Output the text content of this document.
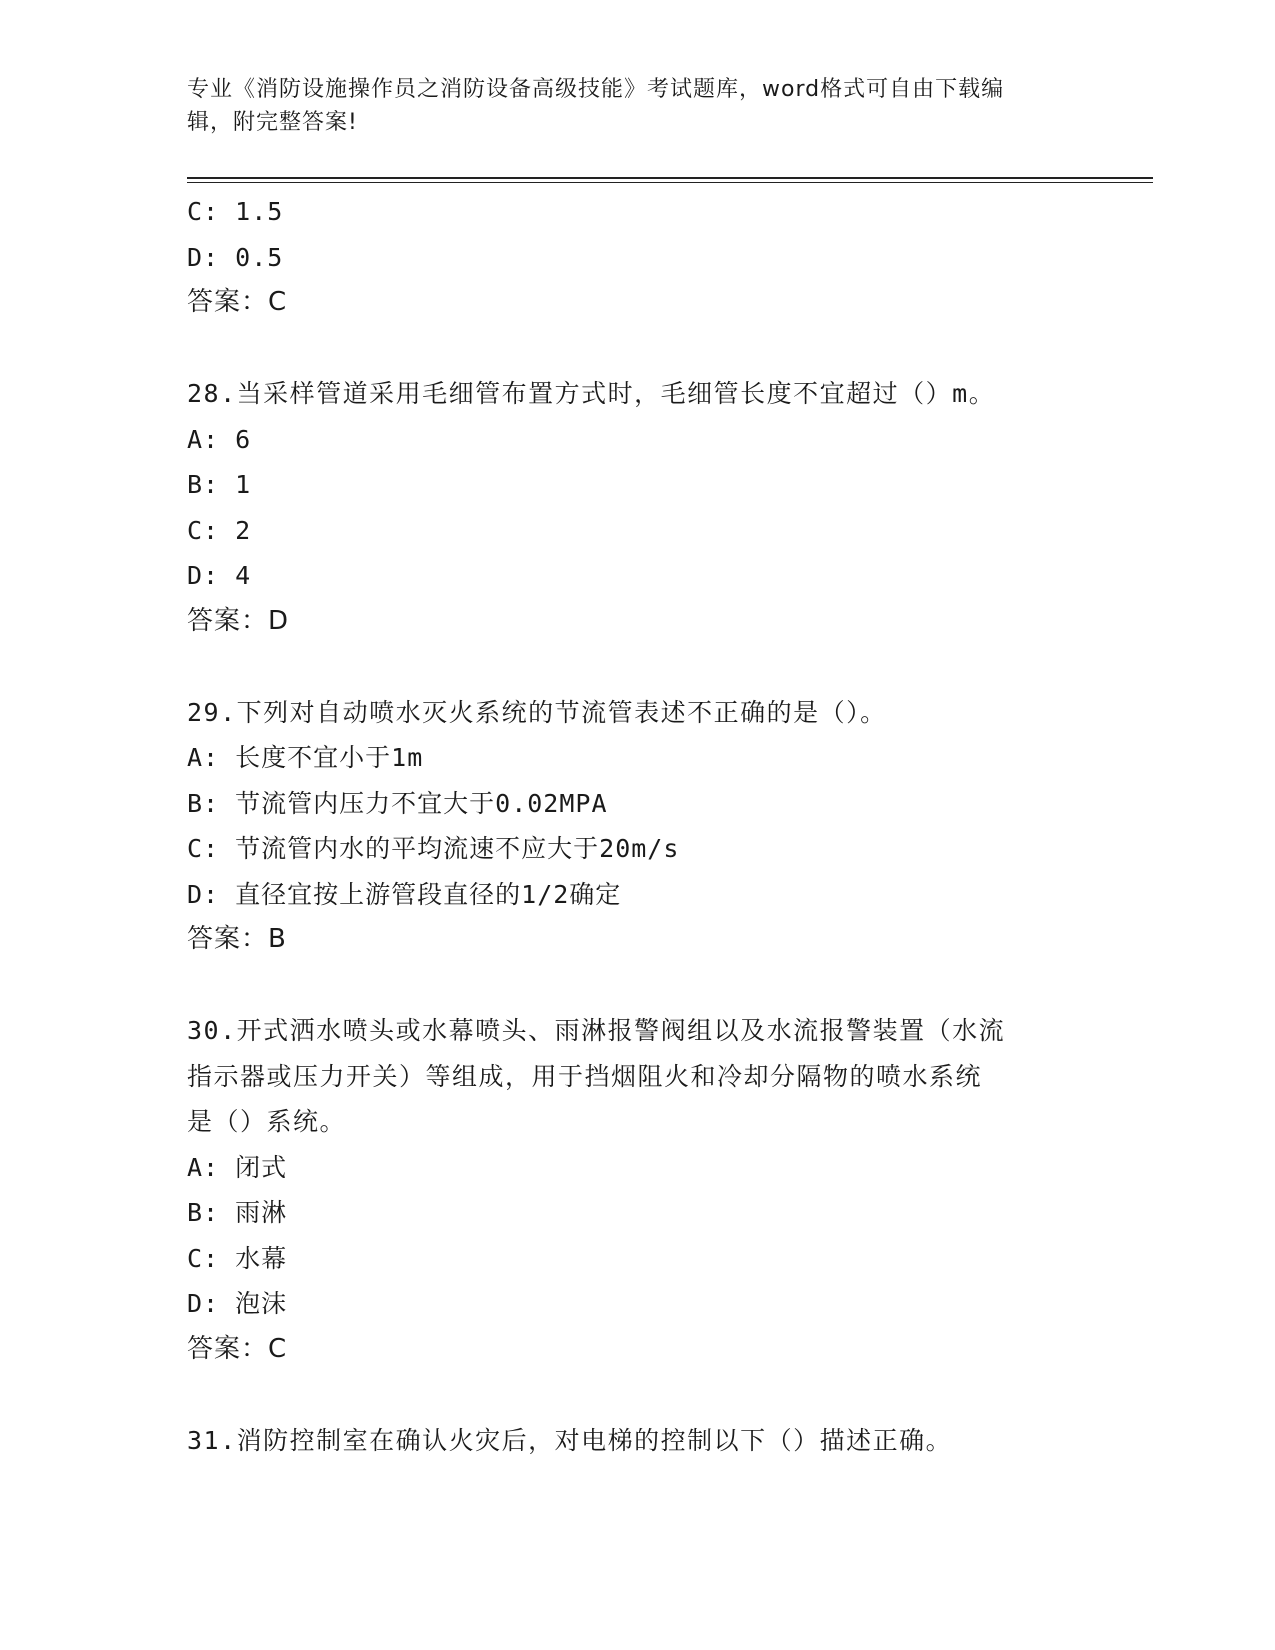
专业《消防设施操作员之消防设备高级技能》考试题库，word格式可自由下载编
辑，附完整答案!
C: 1.5
D: 0.5
答案：C
28.当采样管道采用毛细管布置方式时，毛细管长度不宜超过（）m。
A: 6
B: 1
C: 2
D: 4
答案：D
29.下列对自动喷水灭火系统的节流管表述不正确的是（）。
A: 长度不宜小于1m
B: 节流管内压力不宜大于0.02MPA
C: 节流管内水的平均流速不应大于20m/s
D: 直径宜按上游管段直径的1/2确定
答案：B
30.开式洒水喷头或水幕喷头、雨淋报警阀组以及水流报警装置（水流
指示器或压力开关）等组成，用于挡烟阻火和冷却分隔物的喷水系统
是（）系统。
A: 闭式
B: 雨淋
C: 水幕
D: 泡沫
答案：C
31.消防控制室在确认火灾后，对电梯的控制以下（）描述正确。
